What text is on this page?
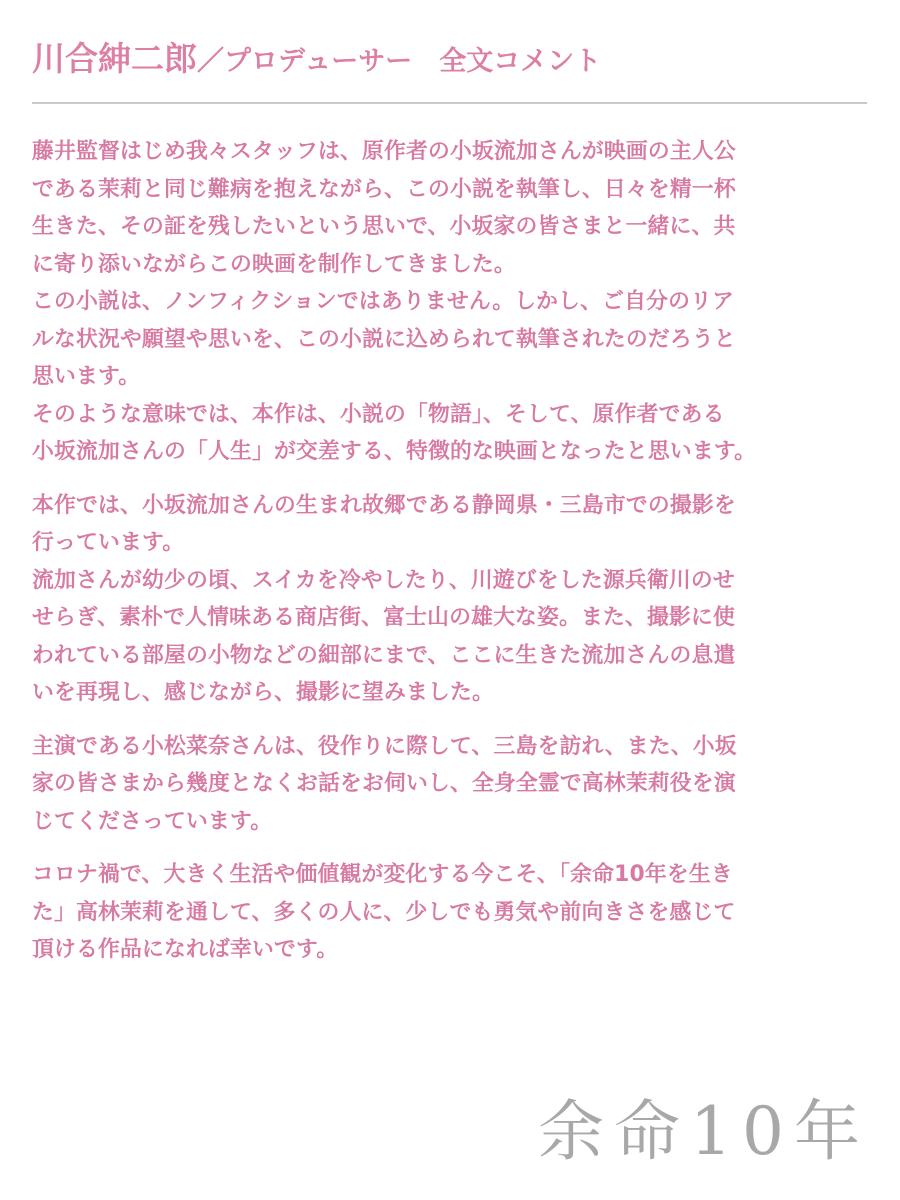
川合紳二郎／プロデューサー　全文コメント

藤井監督はじめ我々スタッフは、原作者の小坂流加さんが映画の主人公
である茉莉と同じ難病を抱えながら、この小説を執筆し、日々を精一杯
生きた、その証を残したいという思いで、小坂家の皆さまと一緒に、共
に寄り添いながらこの映画を制作してきました。
この小説は、ノンフィクションではありません。しかし、ご自分のリア
ルな状況や願望や思いを、この小説に込められて執筆されたのだろうと
思います。
そのような意味では、本作は、小説の「物語」、そして、原作者である
小坂流加さんの「人生」が交差する、特徴的な映画となったと思います。

本作では、小坂流加さんの生まれ故郷である静岡県・三島市での撮影を
行っています。
流加さんが幼少の頃、スイカを冷やしたり、川遊びをした源兵衛川のせ
せらぎ、素朴で人情味ある商店街、富士山の雄大な姿。また、撮影に使
われている部屋の小物などの細部にまで、ここに生きた流加さんの息遣
いを再現し、感じながら、撮影に望みました。

主演である小松菜奈さんは、役作りに際して、三島を訪れ、また、小坂
家の皆さまから幾度となくお話をお伺いし、全身全霊で高林茉莉役を演
じてくださっています。

コロナ禍で、大きく生活や価値観が変化する今こそ、「余命10年を生き
た」高林茉莉を通して、多くの人に、少しでも勇気や前向きさを感じて
頂ける作品になれば幸いです。

余命10年
